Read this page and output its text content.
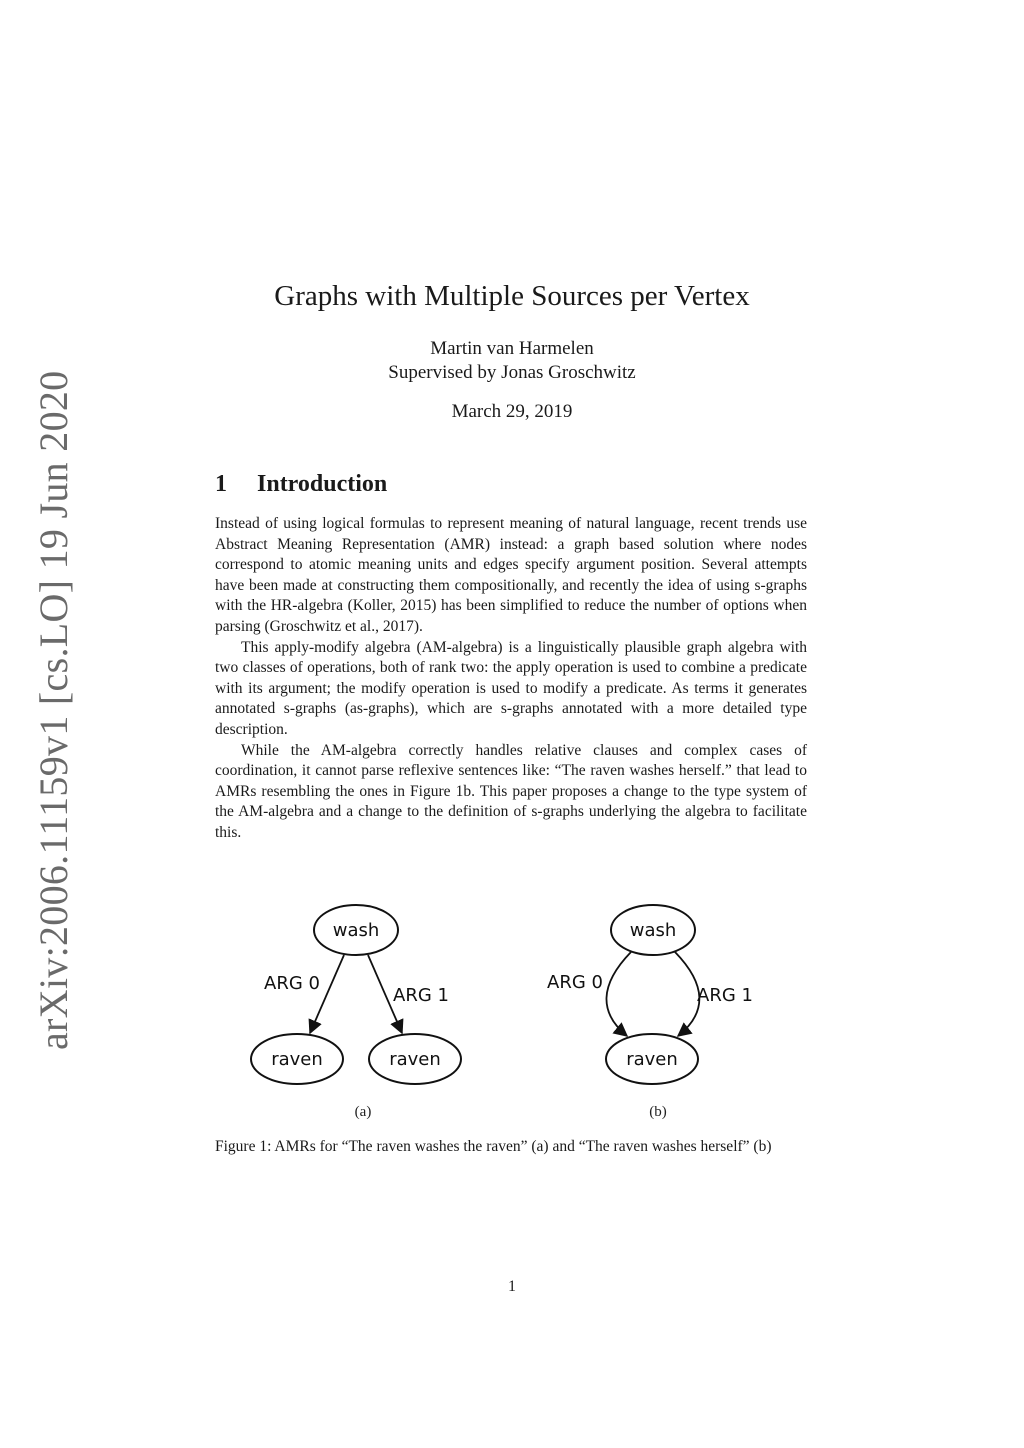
arXiv:2006.11159v1 [cs.LO] 19 Jun 2020
Graphs with Multiple Sources per Vertex
Martin van Harmelen
Supervised by Jonas Groschwitz
March 29, 2019
1 Introduction

Instead of using logical formulas to represent meaning of natural language, recent trends use Abstract Meaning Representation (AMR) instead: a graph based solution where nodes correspond to atomic meaning units and edges specify argument position. Several attempts have been made at constructing them compositionally, and recently the idea of using s-graphs with the HR-algebra (Koller, 2015) has been simplified to reduce the number of options when parsing (Groschwitz et al., 2017).

This apply-modify algebra (AM-algebra) is a linguistically plausible graph algebra with two classes of operations, both of rank two: the apply operation is used to combine a predicate with its argument; the modify operation is used to modify a predicate. As terms it generates annotated s-graphs (as-graphs), which are s-graphs annotated with a more detailed type description.

While the AM-algebra correctly handles relative clauses and complex cases of coordination, it cannot parse reflexive sentences like: “The raven washes herself.” that lead to AMRs resembling the ones in Figure 1b. This paper proposes a change to the type system of the AM-algebra and a change to the definition of s-graphs underlying the algebra to facilitate this.

wash
raven	raven
ARG 0
ARG 1
(a)
wash
raven
ARG 0
ARG 1
(b)
Figure 1: AMRs for “The raven washes the raven” (a) and “The raven washes herself” (b)
1
